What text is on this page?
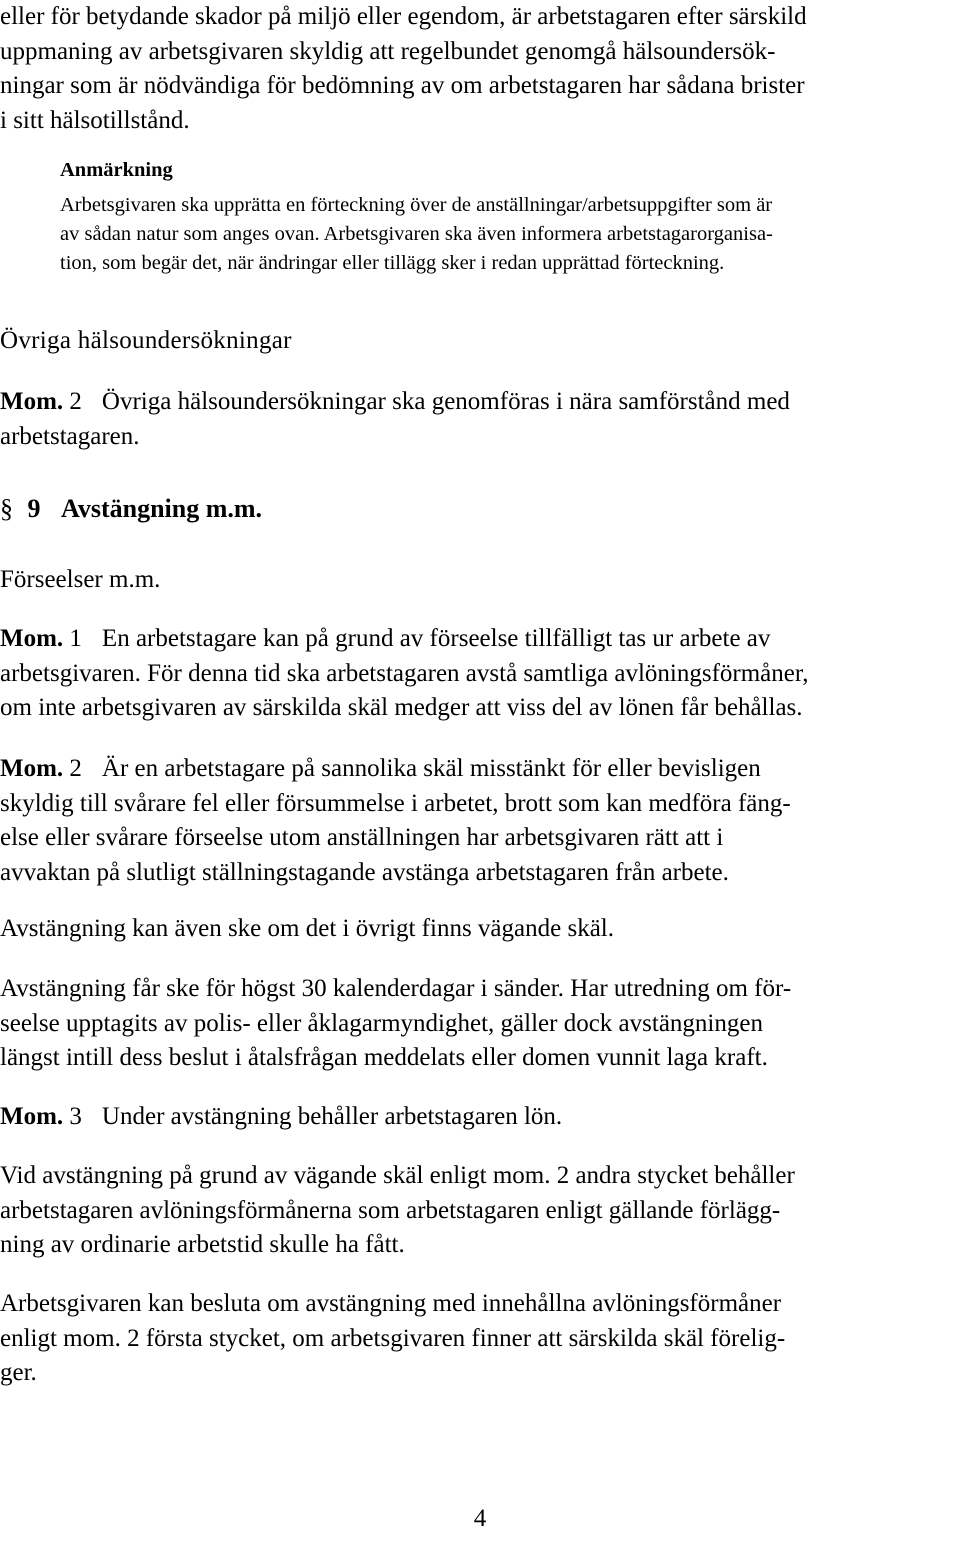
eller för betydande skador på miljö eller egendom, är arbetstagaren efter särskild
uppmaning av arbetsgivaren skyldig att regelbundet genomgå hälsoundersök-
ningar som är nödvändiga för bedömning av om arbetstagaren har sådana brister
i sitt hälsotillstånd.
Anmärkning
Arbetsgivaren ska upprätta en förteckning över de anställningar/arbetsuppgifter som är
av sådan natur som anges ovan. Arbetsgivaren ska även informera arbetstagarorganisa-
tion, som begär det, när ändringar eller tillägg sker i redan upprättad förteckning.
Övriga hälsoundersökningar
Mom. 2 Övriga hälsoundersökningar ska genomföras i nära samförstånd med
arbetstagaren.
§ 9 Avstängning m.m.
Förseelser m.m.
Mom. 1 En arbetstagare kan på grund av förseelse tillfälligt tas ur arbete av
arbetsgivaren. För denna tid ska arbetstagaren avstå samtliga avlöningsförmåner,
om inte arbetsgivaren av särskilda skäl medger att viss del av lönen får behållas.
Mom. 2 Är en arbetstagare på sannolika skäl misstänkt för eller bevisligen
skyldig till svårare fel eller försummelse i arbetet, brott som kan medföra fäng-
else eller svårare förseelse utom anställningen har arbetsgivaren rätt att i
avvaktan på slutligt ställningstagande avstänga arbetstagaren från arbete.
Avstängning kan även ske om det i övrigt finns vägande skäl.
Avstängning får ske för högst 30 kalenderdagar i sänder. Har utredning om för-
seelse upptagits av polis- eller åklagarmyndighet, gäller dock avstängningen
längst intill dess beslut i åtalsfrågan meddelats eller domen vunnit laga kraft.
Mom. 3 Under avstängning behåller arbetstagaren lön.
Vid avstängning på grund av vägande skäl enligt mom. 2 andra stycket behåller
arbetstagaren avlöningsförmånerna som arbetstagaren enligt gällande förlägg-
ning av ordinarie arbetstid skulle ha fått.
Arbetsgivaren kan besluta om avstängning med innehållna avlöningsförmåner
enligt mom. 2 första stycket, om arbetsgivaren finner att särskilda skäl förelig-
ger.
4
